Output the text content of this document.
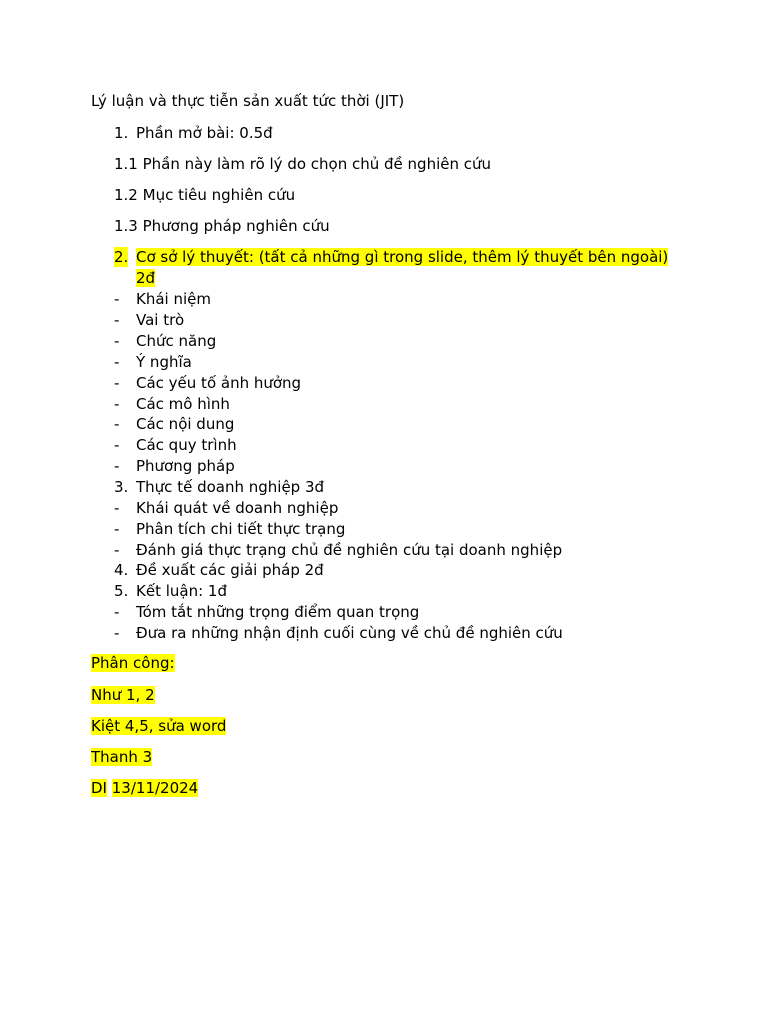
Lý luận và thực tiễn sản xuất tức thời (JIT)
1. Phần mở bài: 0.5đ
1.1 Phần này làm rõ lý do chọn chủ đề nghiên cứu
1.2 Mục tiêu nghiên cứu
1.3 Phương pháp nghiên cứu
2. Cơ sở lý thuyết: (tất cả những gì trong slide, thêm lý thuyết bên ngoài) 2đ
- Khái niệm
- Vai trò
- Chức năng
- Ý nghĩa
- Các yếu tố ảnh hưởng
- Các mô hình
- Các nội dung
- Các quy trình
- Phương pháp
3. Thực tế doanh nghiệp 3đ
- Khái quát về doanh nghiệp
- Phân tích chi tiết thực trạng
- Đánh giá thực trạng chủ đề nghiên cứu tại doanh nghiệp
4. Đề xuất các giải pháp 2đ
5. Kết luận: 1đ
- Tóm tắt những trọng điểm quan trọng
- Đưa ra những nhận định cuối cùng về chủ đề nghiên cứu
Phân công:
Như 1, 2
Kiệt 4,5, sửa word
Thanh 3
DI 13/11/2024
